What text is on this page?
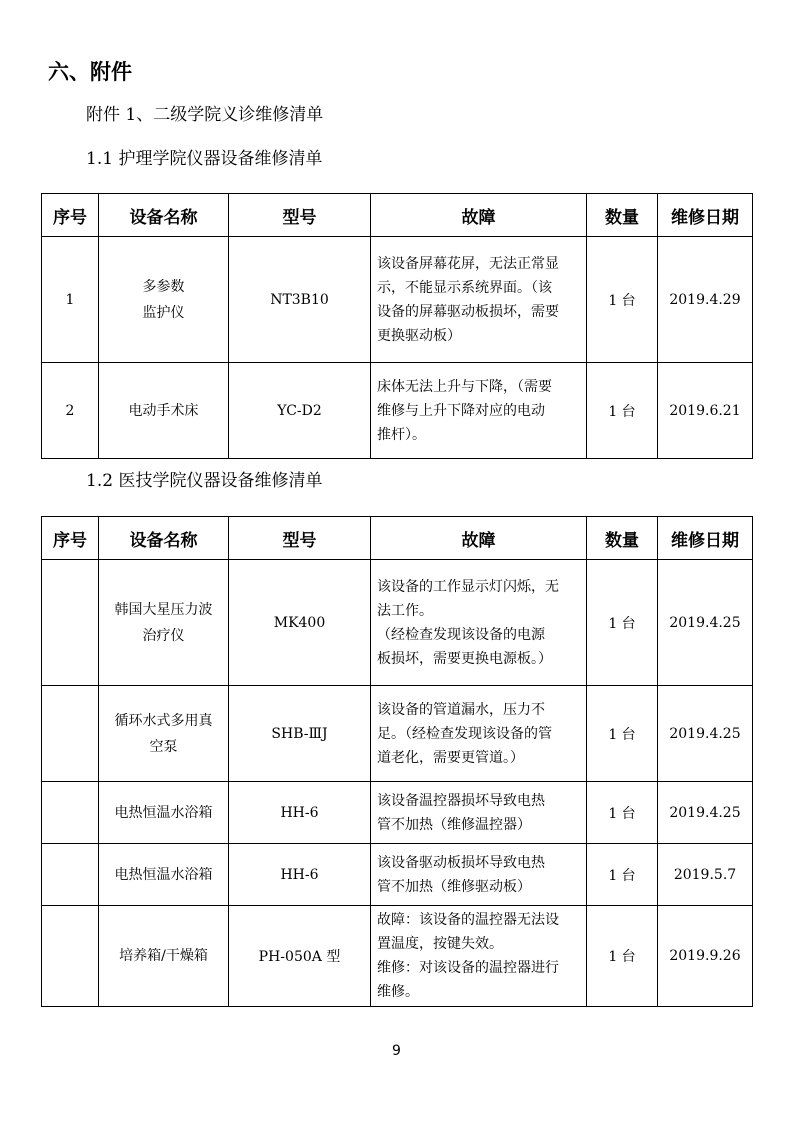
六、附件
附件 1、二级学院义诊维修清单
1.1 护理学院仪器设备维修清单
序号	设备名称	型号	故障	数量	维修日期
1	多参数
监护仪	NT3B10	该设备屏幕花屏，无法正常显
示，不能显示系统界面。（该
设备的屏幕驱动板损坏，需要
更换驱动板）	1 台	2019.4.29
2	电动手术床	YC-D2	床体无法上升与下降，（需要
维修与上升下降对应的电动
推杆）。	1 台	2019.6.21
1.2 医技学院仪器设备维修清单
序号	设备名称	型号	故障	数量	维修日期

	韩国大星压力波
治疗仪	MK400	该设备的工作显示灯闪烁，无
法工作。
（经检查发现该设备的电源
板损坏，需要更换电源板。）	1 台	2019.4.25

	循环水式多用真
空泵	SHB-ⅢJ	该设备的管道漏水，压力不
足。（经检查发现该设备的管
道老化，需要更管道。）	1 台	2019.4.25

	电热恒温水浴箱	HH-6	该设备温控器损坏导致电热
管不加热（维修温控器）	1 台	2019.4.25

	电热恒温水浴箱	HH-6	该设备驱动板损坏导致电热
管不加热（维修驱动板）	1 台	2019.5.7

	培养箱/干燥箱	PH-050A 型	故障：该设备的温控器无法设
置温度，按键失效。
维修：对该设备的温控器进行
维修。	1 台	2019.9.26
9
